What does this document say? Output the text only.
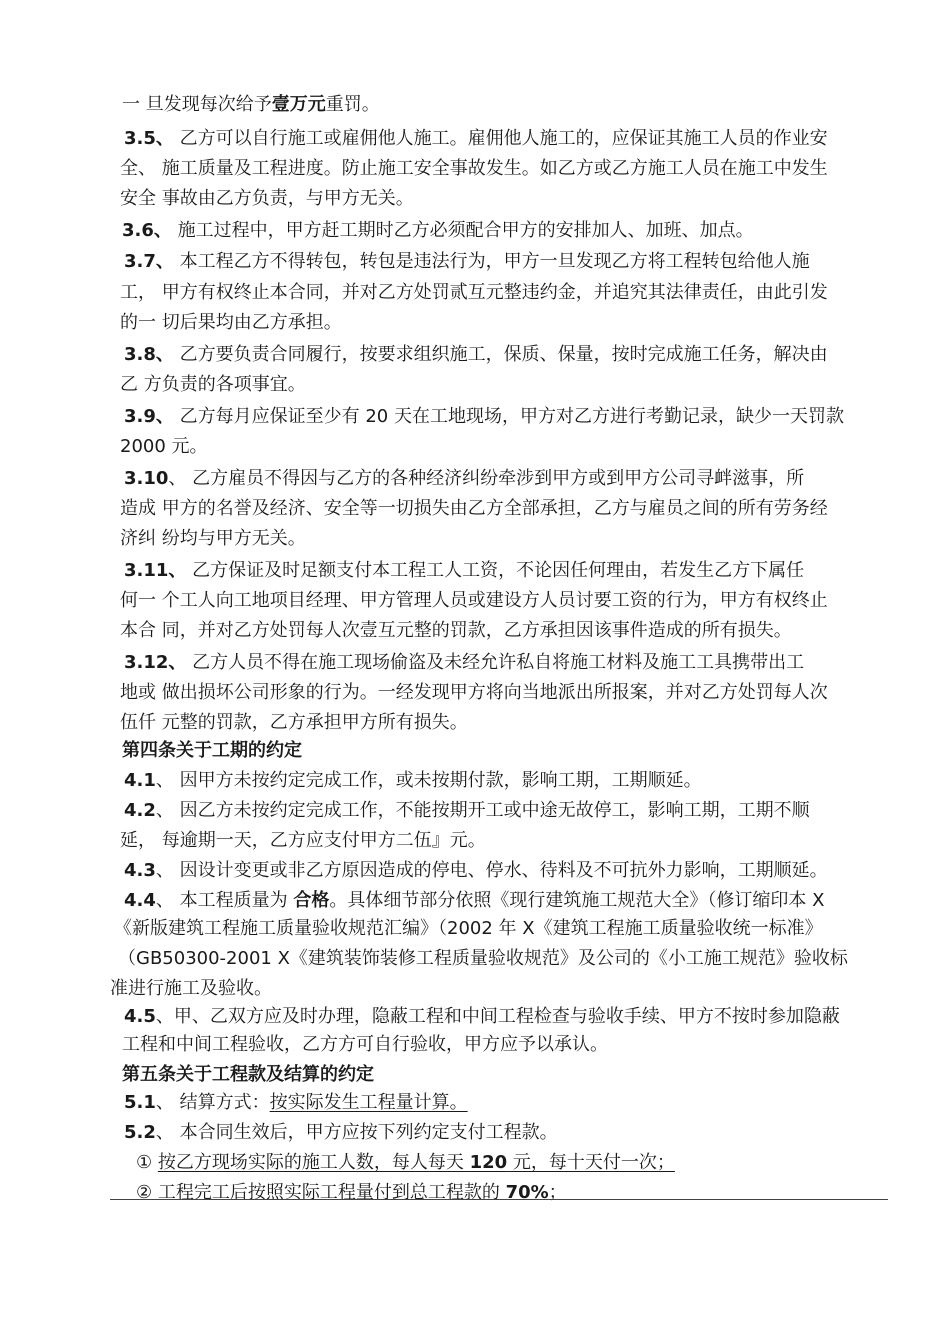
一 旦发现每次给予壹万元重罚。
3.5、 乙方可以自行施工或雇佣他人施工。雇佣他人施工的，应保证其施工人员的作业安
全、 施工质量及工程进度。防止施工安全事故发生。如乙方或乙方施工人员在施工中发生
安全 事故由乙方负责，与甲方无关。
3.6、 施工过程中，甲方赶工期时乙方必须配合甲方的安排加人、加班、加点。
3.7、 本工程乙方不得转包，转包是违法行为，甲方一旦发现乙方将工程转包给他人施
工， 甲方有权终止本合同，并对乙方处罚贰互元整违约金，并追究其法律责任，由此引发
的一 切后果均由乙方承担。
3.8、 乙方要负责合同履行，按要求组织施工，保质、保量，按时完成施工任务，解决由
乙 方负责的各项事宜。
3.9、 乙方每月应保证至少有 20 天在工地现场，甲方对乙方进行考勤记录，缺少一天罚款
2000 元。
3.10、 乙方雇员不得因与乙方的各种经济纠纷牵涉到甲方或到甲方公司寻衅滋事，所
造成 甲方的名誉及经济、安全等一切损失由乙方全部承担，乙方与雇员之间的所有劳务经
济纠 纷均与甲方无关。
3.11、 乙方保证及时足额支付本工程工人工资，不论因任何理由，若发生乙方下属任
何一 个工人向工地项目经理、甲方管理人员或建设方人员讨要工资的行为，甲方有权终止
本合 同，并对乙方处罚每人次壹互元整的罚款，乙方承担因该事件造成的所有损失。
3.12、 乙方人员不得在施工现场偷盗及未经允许私自将施工材料及施工工具携带出工
地或 做出损坏公司形象的行为。一经发现甲方将向当地派出所报案，并对乙方处罚每人次
伍仟 元整的罚款，乙方承担甲方所有损失。
第四条关于工期的约定
4.1、 因甲方未按约定完成工作，或未按期付款，影响工期，工期顺延。
4.2、 因乙方未按约定完成工作，不能按期开工或中途无故停工，影响工期，工期不顺
延， 每逾期一天，乙方应支付甲方二伍』元。
4.3、 因设计变更或非乙方原因造成的停电、停水、待料及不可抗外力影响，工期顺延。
4.4、 本工程质量为 合格。具体细节部分依照《现行建筑施工规范大全》（修订缩印本 X
《新版建筑工程施工质量验收规范汇编》（2002 年 X《建筑工程施工质量验收统一标准》
（GB50300-2001 X《建筑装饰装修工程质量验收规范》及公司的《小工施工规范》验收标
准进行施工及验收。
4.5、甲、乙双方应及时办理，隐蔽工程和中间工程检查与验收手续、甲方不按时参加隐蔽
工程和中间工程验收，乙方方可自行验收，甲方应予以承认。
第五条关于工程款及结算的约定
5.1、 结算方式：按实际发生工程量计算。
5.2、 本合同生效后，甲方应按下列约定支付工程款。
① 按乙方现场实际的施工人数，每人每天 120 元，每十天付一次；
② 工程完工后按照实际工程量付到总工程款的 70%；
